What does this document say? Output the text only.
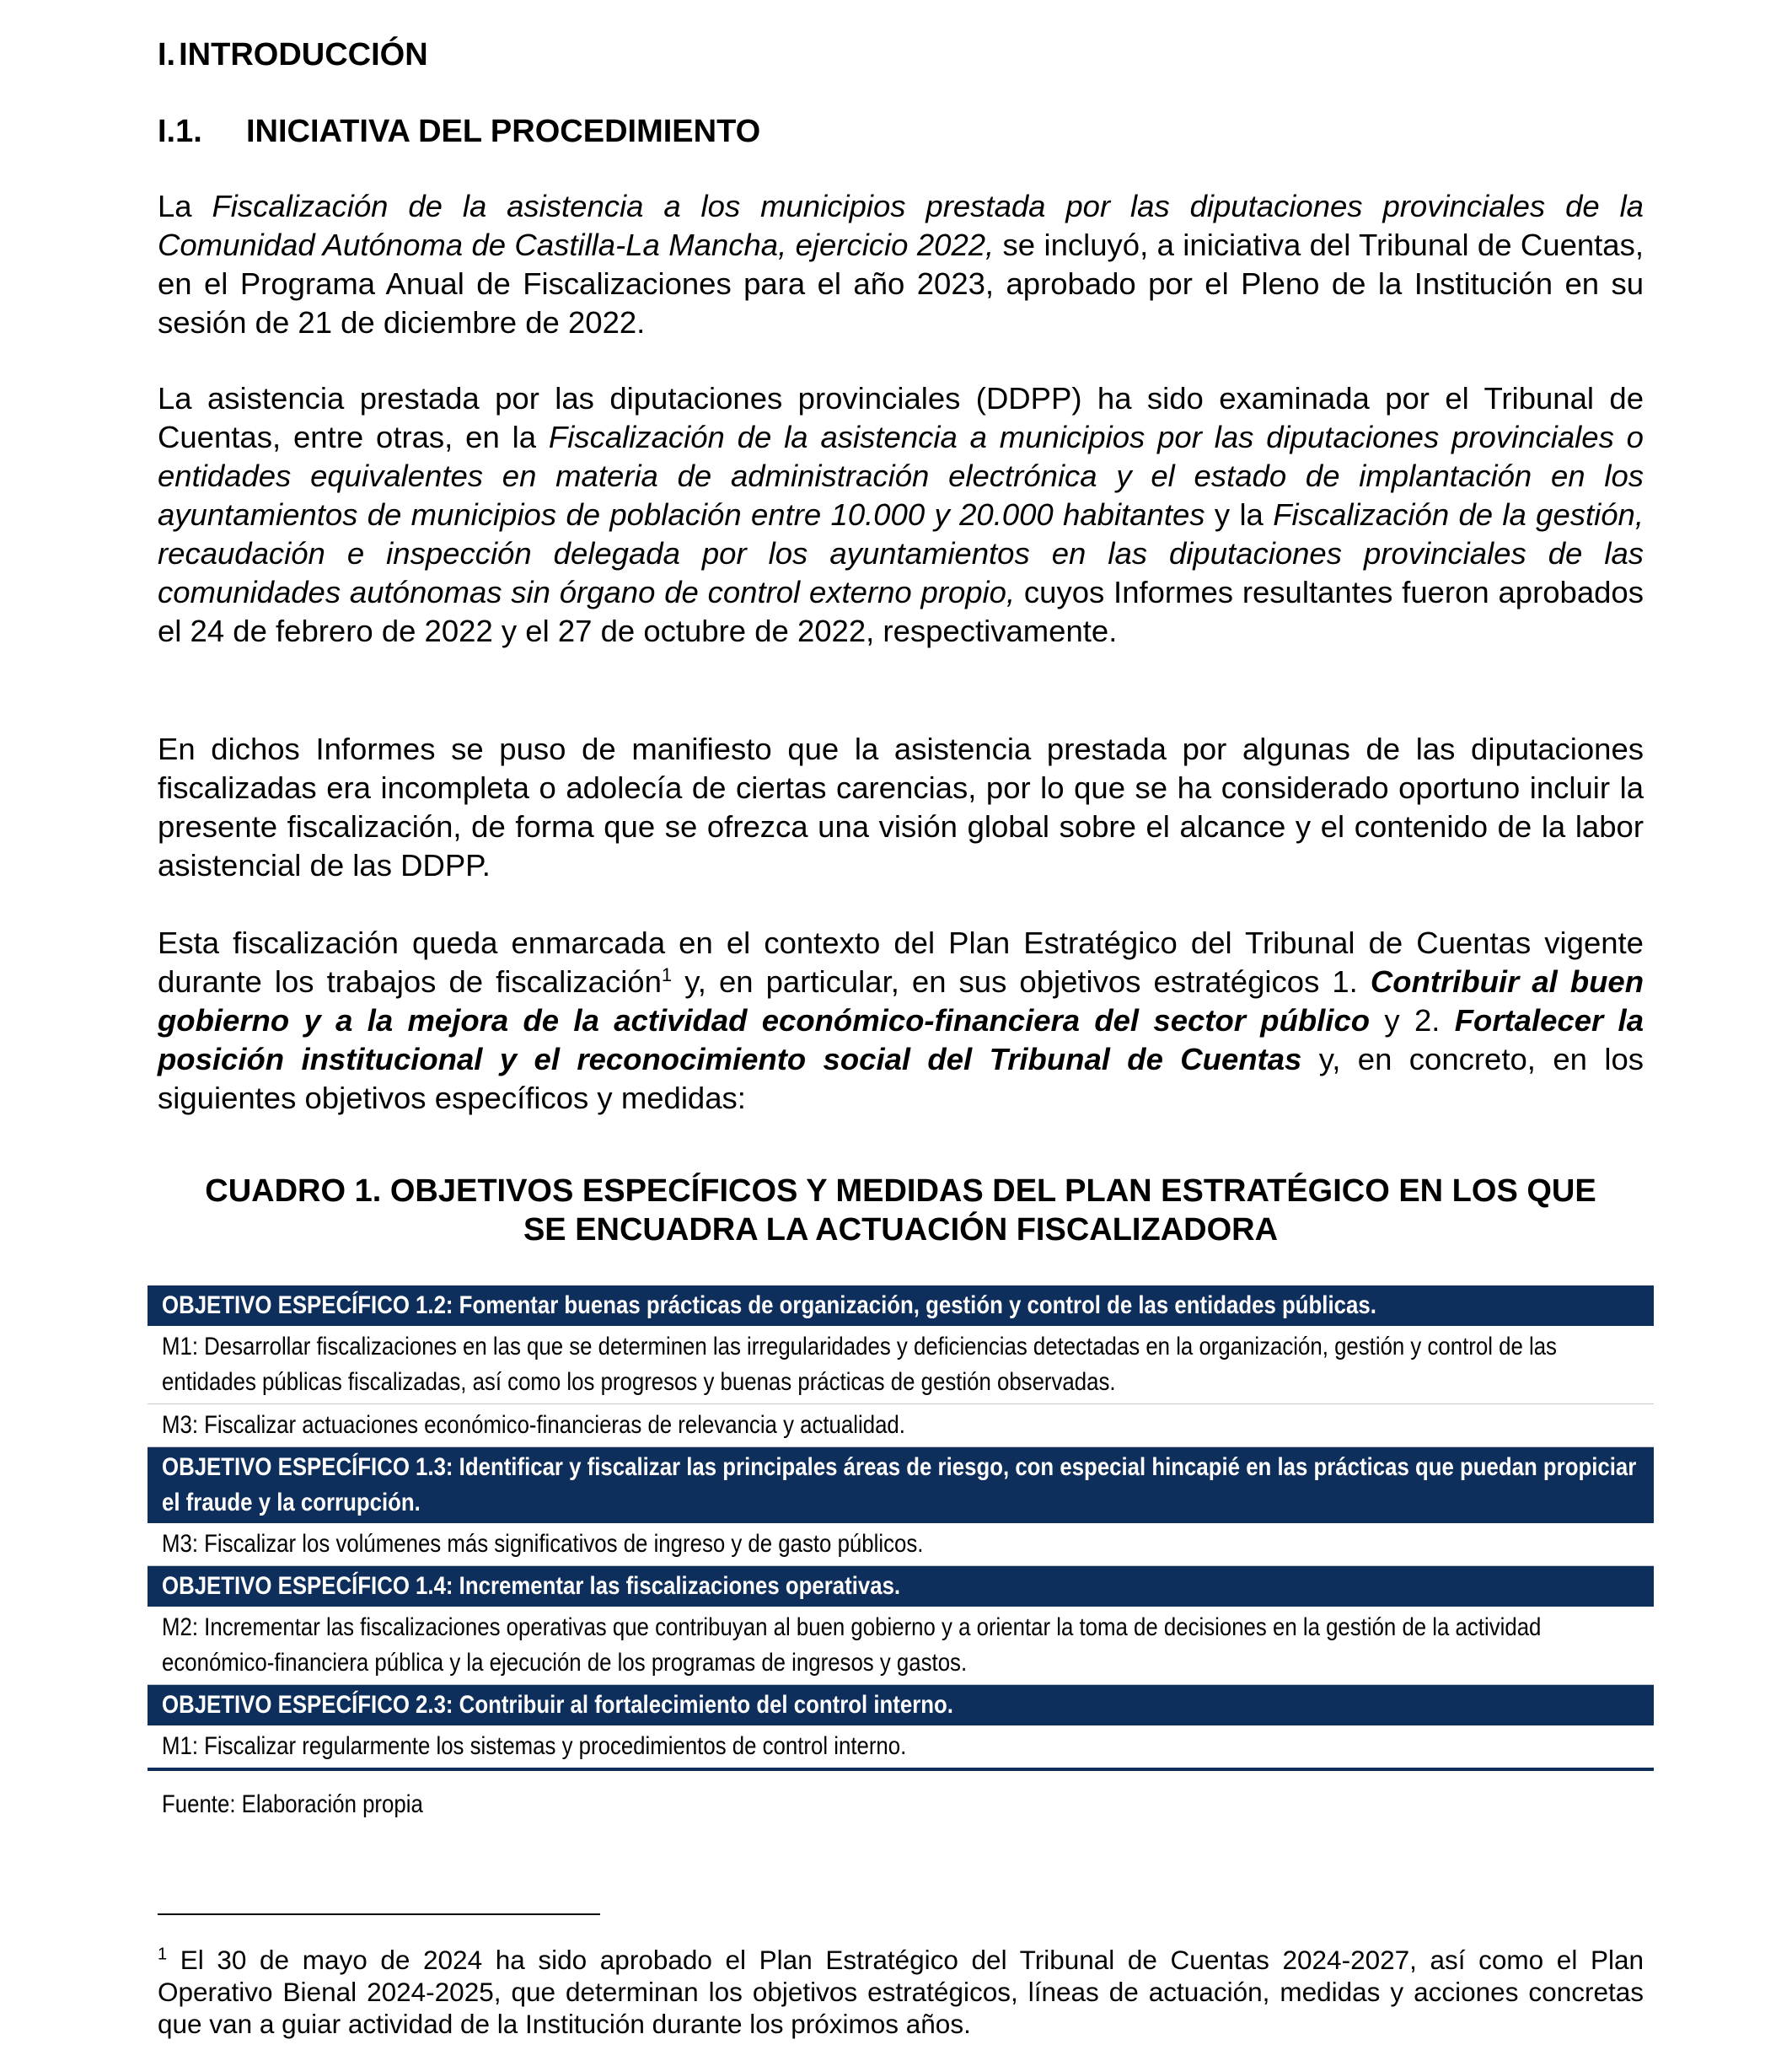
I. INTRODUCCIÓN
I.1. INICIATIVA DEL PROCEDIMIENTO
La Fiscalización de la asistencia a los municipios prestada por las diputaciones provinciales de la Comunidad Autónoma de Castilla-La Mancha, ejercicio 2022, se incluyó, a iniciativa del Tribunal de Cuentas, en el Programa Anual de Fiscalizaciones para el año 2023, aprobado por el Pleno de la Institución en su sesión de 21 de diciembre de 2022.
La asistencia prestada por las diputaciones provinciales (DDPP) ha sido examinada por el Tribunal de Cuentas, entre otras, en la Fiscalización de la asistencia a municipios por las diputaciones provinciales o entidades equivalentes en materia de administración electrónica y el estado de implantación en los ayuntamientos de municipios de población entre 10.000 y 20.000 habitantes y la Fiscalización de la gestión, recaudación e inspección delegada por los ayuntamientos en las diputaciones provinciales de las comunidades autónomas sin órgano de control externo propio, cuyos Informes resultantes fueron aprobados el 24 de febrero de 2022 y el 27 de octubre de 2022, respectivamente.
En dichos Informes se puso de manifiesto que la asistencia prestada por algunas de las diputaciones fiscalizadas era incompleta o adolecía de ciertas carencias, por lo que se ha considerado oportuno incluir la presente fiscalización, de forma que se ofrezca una visión global sobre el alcance y el contenido de la labor asistencial de las DDPP.
Esta fiscalización queda enmarcada en el contexto del Plan Estratégico del Tribunal de Cuentas vigente durante los trabajos de fiscalización$^1$ y, en particular, en sus objetivos estratégicos 1. Contribuir al buen gobierno y a la mejora de la actividad económico-financiera del sector público y 2. Fortalecer la posición institucional y el reconocimiento social del Tribunal de Cuentas y, en concreto, en los siguientes objetivos específicos y medidas:
CUADRO 1. OBJETIVOS ESPECÍFICOS Y MEDIDAS DEL PLAN ESTRATÉGICO EN LOS QUE
SE ENCUADRA LA ACTUACIÓN FISCALIZADORA
OBJETIVO ESPECÍFICO 1.2: Fomentar buenas prácticas de organización, gestión y control de las entidades públicas.
M1: Desarrollar fiscalizaciones en las que se determinen las irregularidades y deficiencias detectadas en la organización, gestión y control de las entidades públicas fiscalizadas, así como los progresos y buenas prácticas de gestión observadas.
M3: Fiscalizar actuaciones económico-financieras de relevancia y actualidad.
OBJETIVO ESPECÍFICO 1.3: Identificar y fiscalizar las principales áreas de riesgo, con especial hincapié en las prácticas que puedan propiciar el fraude y la corrupción.
M3: Fiscalizar los volúmenes más significativos de ingreso y de gasto públicos.
OBJETIVO ESPECÍFICO 1.4: Incrementar las fiscalizaciones operativas.
M2: Incrementar las fiscalizaciones operativas que contribuyan al buen gobierno y a orientar la toma de decisiones en la gestión de la actividad económico-financiera pública y la ejecución de los programas de ingresos y gastos.
OBJETIVO ESPECÍFICO 2.3: Contribuir al fortalecimiento del control interno.
M1: Fiscalizar regularmente los sistemas y procedimientos de control interno.
Fuente: Elaboración propia
$^1$ El 30 de mayo de 2024 ha sido aprobado el Plan Estratégico del Tribunal de Cuentas 2024-2027, así como el Plan Operativo Bienal 2024-2025, que determinan los objetivos estratégicos, líneas de actuación, medidas y acciones concretas que van a guiar actividad de la Institución durante los próximos años.
